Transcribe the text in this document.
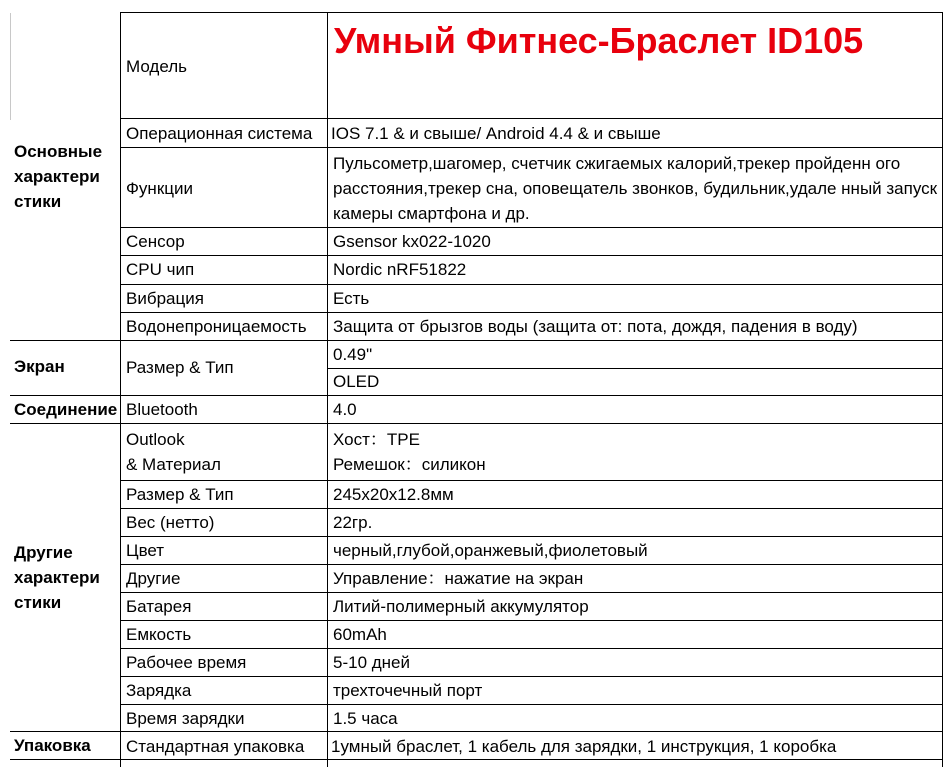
Основные характери стики
Экран
Соединение
Другие характери стики
Упаковка
Модель
Операционная система
Функции
Сенсор
CPU чип
Вибрация
Водонепроницаемость
Размер & Тип
Bluetooth
Outlook
& Материал
Размер & Тип
Вес (нетто)
Цвет
Другие
Батарея
Емкость
Рабочее время
Зарядка
Время зарядки
Стандартная упаковка
Умный Фитнес-Браслет ID105
IOS 7.1 & и свыше/ Android 4.4 & и свыше
Пульсометр,шагомер, счетчик сжигаемых калорий,трекер пройденн ого расстояния,трекер сна, оповещатель звонков, будильник,удале нный запуск камеры смартфона и др.
Gsensor kx022-1020
Nordic nRF51822
Есть
Защита от брызгов воды (защита от: пота, дождя, падения в воду)
0.49"
OLED
4.0
Хост：TPE
Ремешок：силикон
245x20x12.8мм
22гр.
черный,глубой,оранжевый,фиолетовый
Управление：нажатие на экран
Литий-полимерный аккумулятор
60mAh
5-10 дней
трехточечный порт
1.5 часа
1умный браслет, 1 кабель для зарядки, 1 инструкция, 1 коробка
